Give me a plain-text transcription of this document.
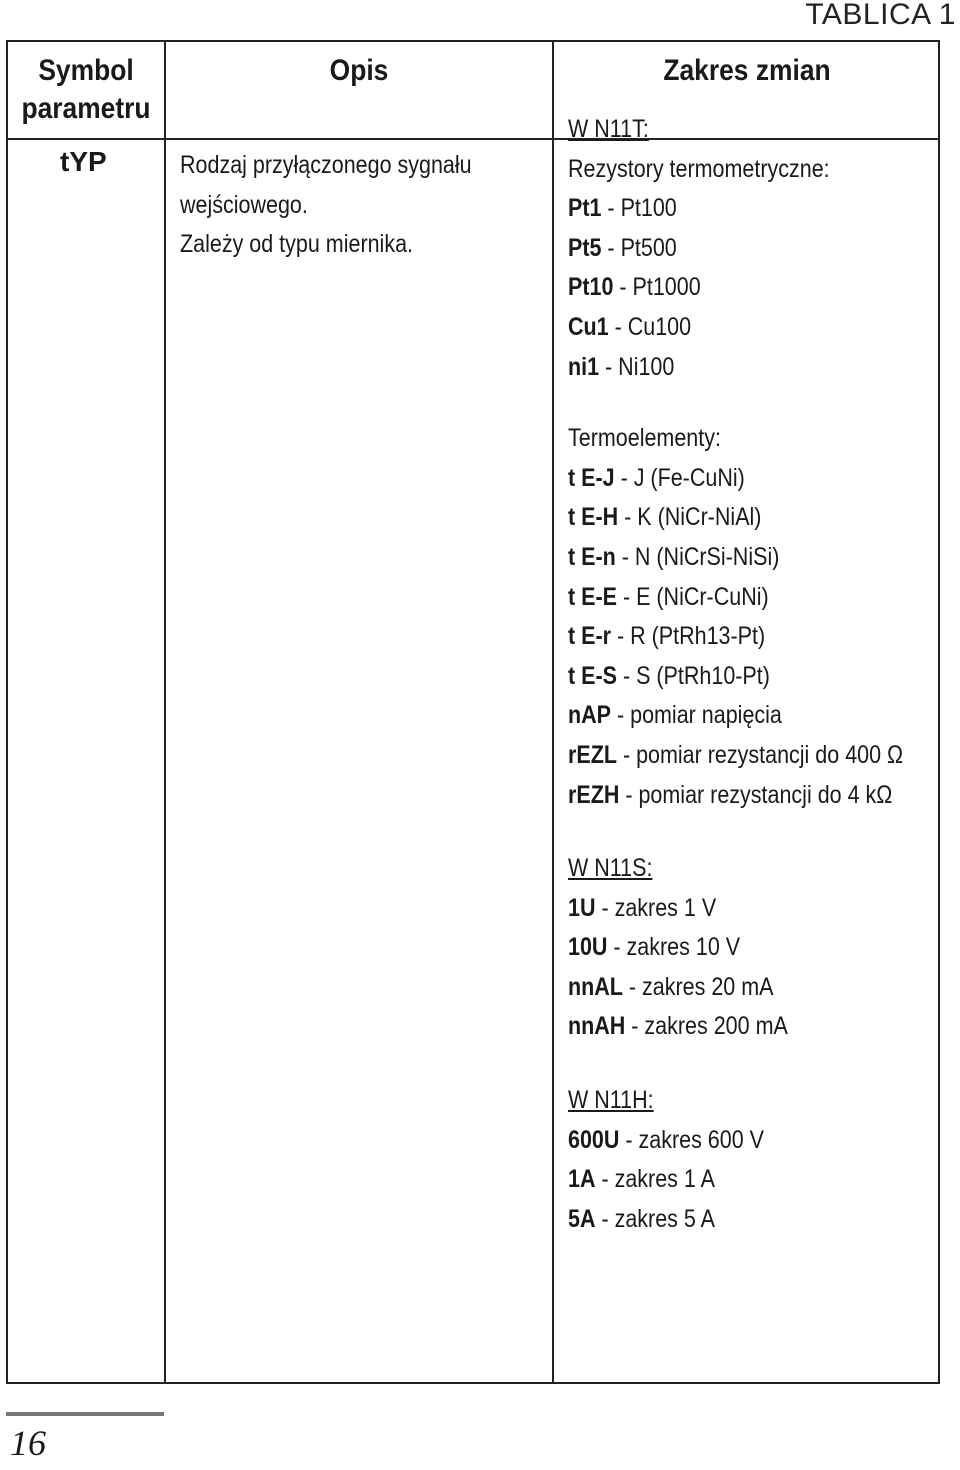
TABLICA 1
Symbol
parametru
Opis	Zakres zmian
tYP	Rodzaj przyłączonego sygnału
wejściowego.
Zależy od typu miernika.
W N11T:
Rezystory termometryczne:
Pt1 - Pt100
Pt5 - Pt500
Pt10 - Pt1000
Cu1 - Cu100
ni1 - Ni100
Termoelementy:
t E-J - J (Fe-CuNi)
t E-H - K (NiCr-NiAl)
t E-n - N (NiCrSi-NiSi)
t E-E - E (NiCr-CuNi)
t E-r - R (PtRh13-Pt)
t E-S - S (PtRh10-Pt)
nAP - pomiar napięcia
rEZL - pomiar rezystancji do 400 Ω
rEZH - pomiar rezystancji do 4 kΩ
W N11S:
1U - zakres 1 V
10U - zakres 10 V
nnAL - zakres 20 mA
nnAH - zakres 200 mA
W N11H:
600U - zakres 600 V
1A - zakres 1 A
5A - zakres 5 A
16
